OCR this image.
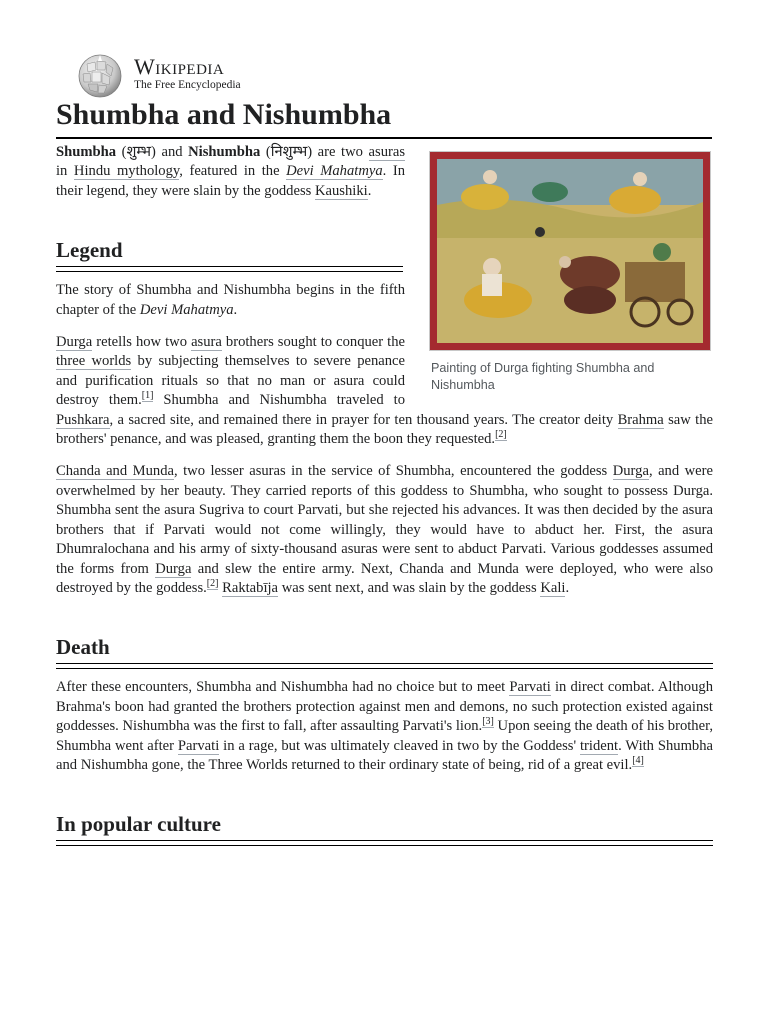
Wikipedia
The Free Encyclopedia
Shumbha and Nishumbha
Painting of Durga fighting Shumbha and Nishumbha

Shumbha (शुम्भ) and Nishumbha (निशुम्भ) are two asuras in Hindu mythology, featured in the Devi Mahatmya. In their legend, they were slain by the goddess Kaushiki.

Legend

The story of Shumbha and Nishumbha begins in the fifth chapter of the Devi Mahatmya.

Durga retells how two asura brothers sought to conquer the three worlds by subjecting themselves to severe penance and purification rituals so that no man or asura could destroy them.[1] Shumbha and Nishumbha traveled to Pushkara, a sacred site, and remained there in prayer for ten thousand years. The creator deity Brahma saw the brothers' penance, and was pleased, granting them the boon they requested.[2]

Chanda and Munda, two lesser asuras in the service of Shumbha, encountered the goddess Durga, and were overwhelmed by her beauty. They carried reports of this goddess to Shumbha, who sought to possess Durga. Shumbha sent the asura Sugriva to court Parvati, but she rejected his advances. It was then decided by the asura brothers that if Parvati would not come willingly, they would have to abduct her. First, the asura Dhumralochana and his army of sixty-thousand asuras were sent to abduct Parvati. Various goddesses assumed the forms from Durga and slew the entire army. Next, Chanda and Munda were deployed, who were also destroyed by the goddess.[2] Raktabīja was sent next, and was slain by the goddess Kali.

Death

After these encounters, Shumbha and Nishumbha had no choice but to meet Parvati in direct combat. Although Brahma's boon had granted the brothers protection against men and demons, no such protection existed against goddesses. Nishumbha was the first to fall, after assaulting Parvati's lion.[3] Upon seeing the death of his brother, Shumbha went after Parvati in a rage, but was ultimately cleaved in two by the Goddess' trident. With Shumbha and Nishumbha gone, the Three Worlds returned to their ordinary state of being, rid of a great evil.[4]

In popular culture
